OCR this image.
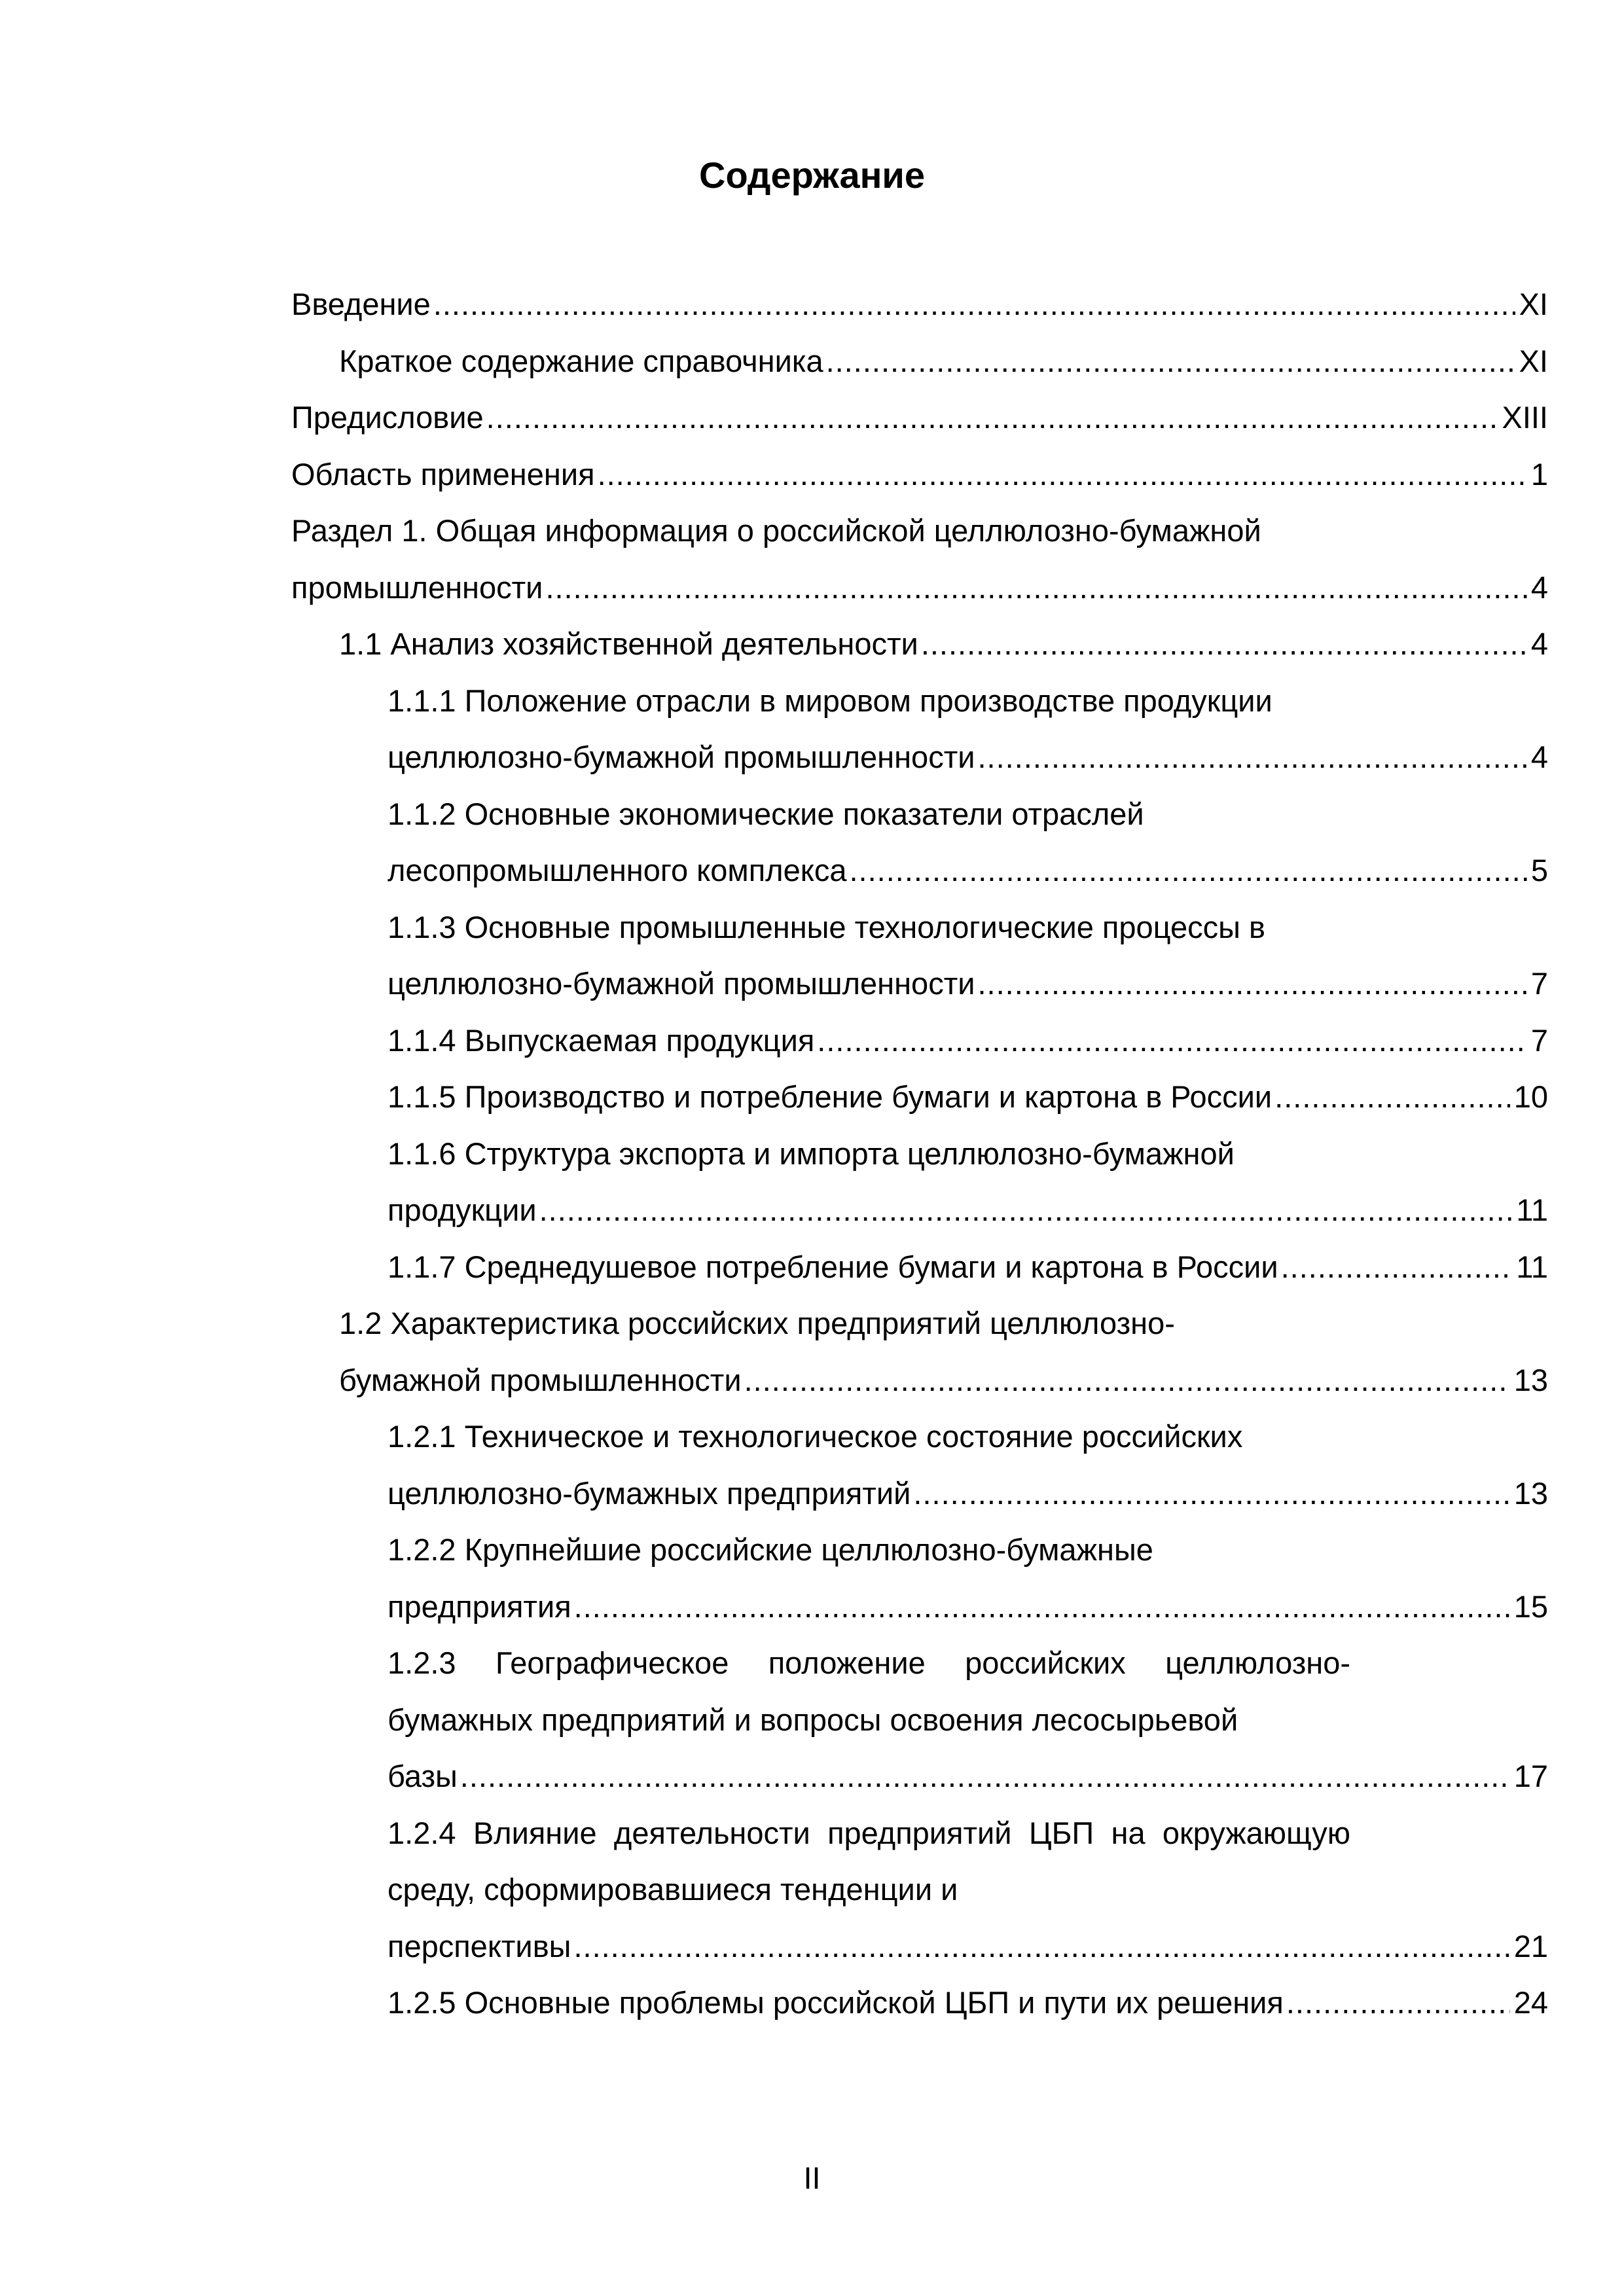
Содержание
Введение .....	XI
Краткое содержание справочника .....	XI
Предисловие .....	XIII
Область применения .....	1
Раздел 1. Общая информация о российской целлюлозно-бумажной
промышленности .....	4
1.1 Анализ хозяйственной деятельности .....	4
1.1.1 Положение отрасли в мировом производстве продукции
целлюлозно-бумажной промышленности .....	4
1.1.2 Основные экономические показатели отраслей
лесопромышленного комплекса .....	5
1.1.3 Основные промышленные технологические процессы в
целлюлозно-бумажной промышленности .....	7
1.1.4 Выпускаемая продукция .....	7
1.1.5 Производство и потребление бумаги и картона в России .....	10
1.1.6 Структура экспорта и импорта целлюлозно-бумажной
продукции .....	11
1.1.7 Среднедушевое потребление бумаги и картона в России .....	11
1.2 Характеристика российских предприятий целлюлозно-
бумажной промышленности .....	13
1.2.1 Техническое и технологическое состояние российских
целлюлозно-бумажных предприятий .....	13
1.2.2 Крупнейшие российские целлюлозно-бумажные
предприятия .....	15
1.2.3 Географическое положение российских целлюлозно- бумажных предприятий и вопросы освоения лесосырьевой
базы .....	17
1.2.4 Влияние деятельности предприятий ЦБП на окружающую среду, сформировавшиеся тенденции и
перспективы .....	21
1.2.5 Основные проблемы российской ЦБП и пути их решения .....	24
II
